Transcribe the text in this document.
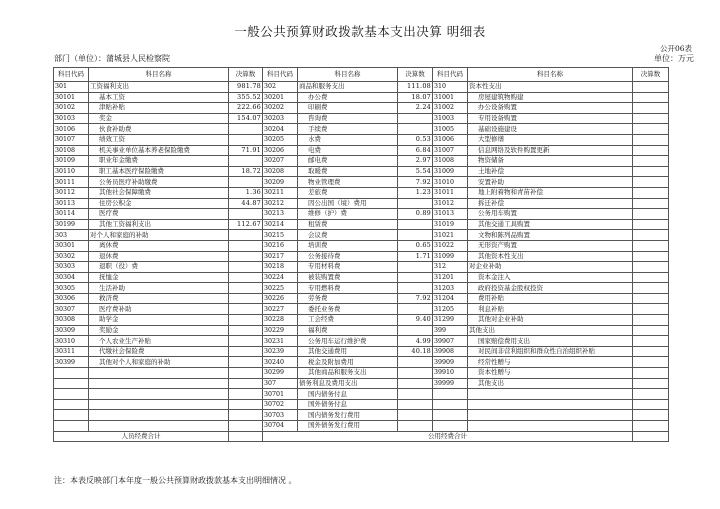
一般公共预算财政拨款基本支出决算 明细表
公开06表
部门（单位）：蒲城县人民检察院	单位：万元
科目代码	科目名称	决算数	科目代码	科目名称	决算数	科目代码	科目名称	决算数
301	工资福利支出	981.78	302	商品和服务支出	111.08	310	资本性支出	
30101	基本工资	355.52	30201	办公费	18.07	31001	房屋建筑物购建	
30102	津贴补贴	222.66	30202	印刷费	2.24	31002	办公设备购置	
30103	奖金	154.07	30203	咨询费		31003	专用设备购置	
30106	伙食补助费		30204	手续费		31005	基础设施建设	
30107	绩效工资		30205	水费	0.53	31006	大型修缮	
30108	机关事业单位基本养老保险缴费	71.91	30206	电费	6.84	31007	信息网络及软件购置更新	
30109	职业年金缴费		30207	邮电费	2.97	31008	物资储备	
30110	职工基本医疗保险缴费	18.72	30208	取暖费	5.54	31009	土地补偿	
30111	公务员医疗补助缴费		30209	物业管理费	7.92	31010	安置补助	
30112	其他社会保障缴费	1.36	30211	差旅费	1.23	31011	地上附着物和青苗补偿	
30113	住房公积金	44.87	30212	因公出国（境）费用		31012	拆迁补偿	
30114	医疗费		30213	维修（护）费	0.89	31013	公务用车购置	
30199	其他工资福利支出	112.67	30214	租赁费		31019	其他交通工具购置	
303	对个人和家庭的补助		30215	会议费		31021	文物和陈列品购置	
30301	离休费		30216	培训费	0.65	31022	无形资产购置	
30302	退休费		30217	公务接待费	1.71	31099	其他资本性支出	
30303	退职（役）费		30218	专用材料费		312	对企业补助	
30304	抚恤金		30224	被装购置费		31201	资本金注入	
30305	生活补助		30225	专用燃料费		31203	政府投资基金股权投资	
30306	救济费		30226	劳务费	7.92	31204	费用补贴	
30307	医疗费补助		30227	委托业务费		31205	利息补贴	
30308	助学金		30228	工会经费	9.40	31299	其他对企业补助	
30309	奖励金		30229	福利费		399	其他支出	
30310	个人农业生产补贴		30231	公务用车运行维护费	4.99	39907	国家赔偿费用支出	
30311	代缴社会保险费		30239	其他交通费用	40.18	39908	对民间非营利组织和群众性自治组织补贴	
30399	其他对个人和家庭的补助		30240	税金及附加费用		39909	经常性赠与	
			30299	其他商品和服务支出		39910	资本性赠与	
			307	债务利息及费用支出		39999	其他支出	
			30701	国内债务付息				
			30702	国外债务付息				
			30703	国内债务发行费用				
			30704	国外债务发行费用				
人员经费合计			公用经费合计					
注：本表反映部门本年度一般公共预算财政拨款基本支出明细情况 。
